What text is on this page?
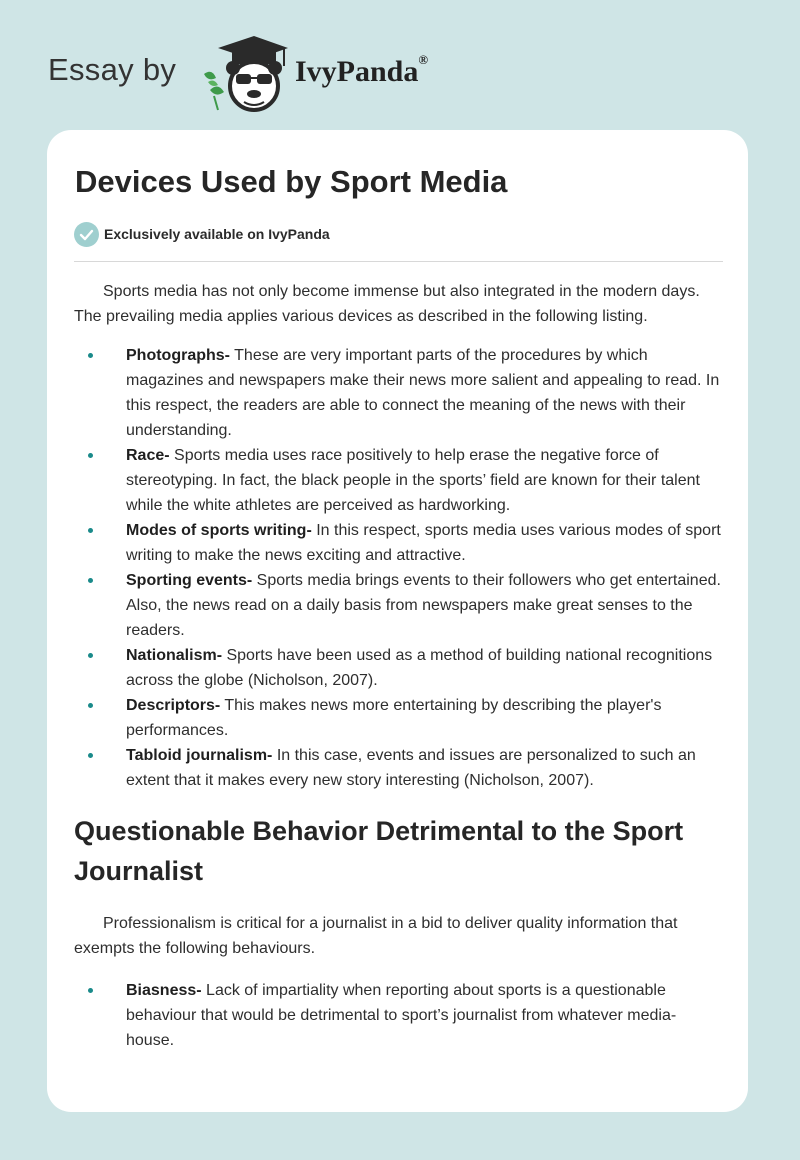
Essay by	IvyPanda®
Devices Used by Sport Media
Exclusively available on IvyPanda

Sports media has not only become immense but also integrated in the modern days. The prevailing media applies various devices as described in the following listing.

Photographs- These are very important parts of the procedures by which magazines and newspapers make their news more salient and appealing to read. In this respect, the readers are able to connect the meaning of the news with their understanding.
Race- Sports media uses race positively to help erase the negative force of stereotyping. In fact, the black people in the sports’ field are known for their talent while the white athletes are perceived as hardworking.
Modes of sports writing- In this respect, sports media uses various modes of sport writing to make the news exciting and attractive.
Sporting events- Sports media brings events to their followers who get entertained. Also, the news read on a daily basis from newspapers make great senses to the readers.
Nationalism- Sports have been used as a method of building national recognitions across the globe (Nicholson, 2007).
Descriptors- This makes news more entertaining by describing the player's performances.
Tabloid journalism- In this case, events and issues are personalized to such an extent that it makes every new story interesting (Nicholson, 2007).
Questionable Behavior Detrimental to the Sport Journalist

Professionalism is critical for a journalist in a bid to deliver quality information that exempts the following behaviours.

Biasness- Lack of impartiality when reporting about sports is a questionable behaviour that would be detrimental to sport’s journalist from whatever media-house.
